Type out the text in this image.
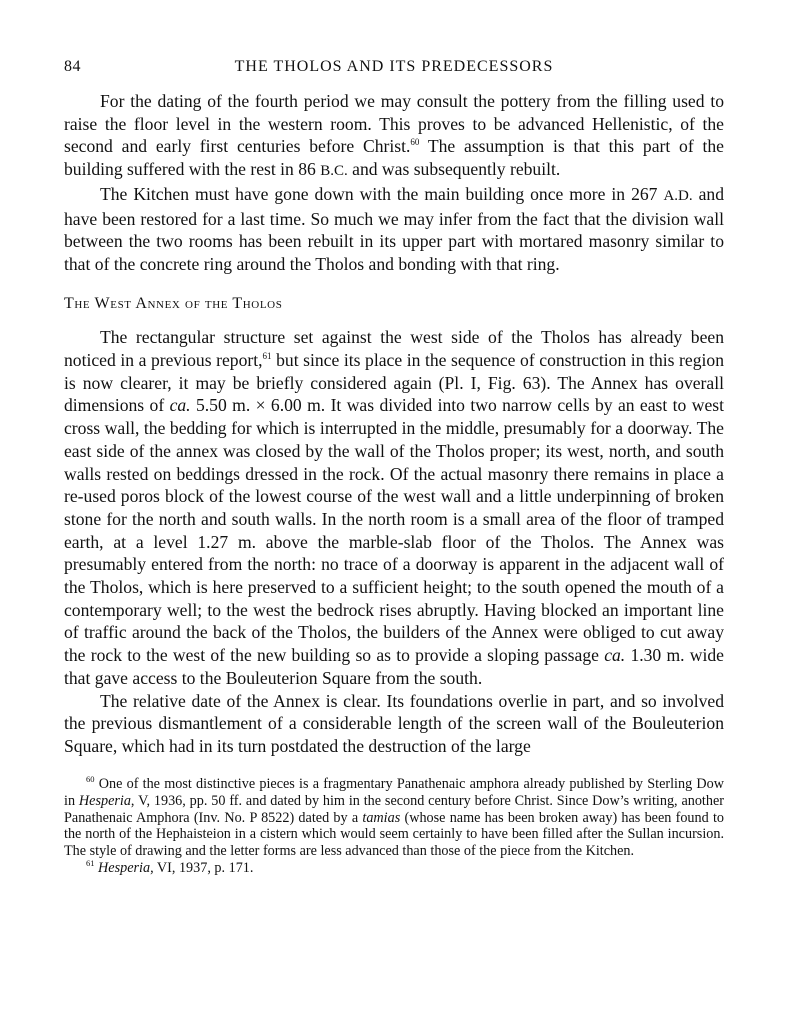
84	THE THOLOS AND ITS PREDECESSORS

For the dating of the fourth period we may consult the pottery from the filling used to raise the floor level in the western room. This proves to be advanced Hellenistic, of the second and early first centuries before Christ.$^{60}$ The assumption is that this part of the building suffered with the rest in 86 B.C. and was subsequently rebuilt.

The Kitchen must have gone down with the main building once more in 267 A.D. and have been restored for a last time. So much we may infer from the fact that the division wall between the two rooms has been rebuilt in its upper part with mortared masonry similar to that of the concrete ring around the Tholos and bonding with that ring.

The West Annex of the Tholos

The rectangular structure set against the west side of the Tholos has already been noticed in a previous report,$^{61}$ but since its place in the sequence of construction in this region is now clearer, it may be briefly considered again (Pl. I, Fig. 63). The Annex has overall dimensions of ca. 5.50 m. × 6.00 m. It was divided into two narrow cells by an east to west cross wall, the bedding for which is interrupted in the middle, presumably for a doorway. The east side of the annex was closed by the wall of the Tholos proper; its west, north, and south walls rested on beddings dressed in the rock. Of the actual masonry there remains in place a re-used poros block of the lowest course of the west wall and a little underpinning of broken stone for the north and south walls. In the north room is a small area of the floor of tramped earth, at a level 1.27 m. above the marble-slab floor of the Tholos. The Annex was presumably entered from the north: no trace of a doorway is apparent in the adjacent wall of the Tholos, which is here preserved to a sufficient height; to the south opened the mouth of a contemporary well; to the west the bedrock rises abruptly. Having blocked an important line of traffic around the back of the Tholos, the builders of the Annex were obliged to cut away the rock to the west of the new building so as to provide a sloping passage ca. 1.30 m. wide that gave access to the Bouleuterion Square from the south.

The relative date of the Annex is clear. Its foundations overlie in part, and so involved the previous dismantlement of a considerable length of the screen wall of the Bouleuterion Square, which had in its turn postdated the destruction of the large

$^{60}$ One of the most distinctive pieces is a fragmentary Panathenaic amphora already published by Sterling Dow in Hesperia, V, 1936, pp. 50 ff. and dated by him in the second century before Christ. Since Dow’s writing, another Panathenaic Amphora (Inv. No. P 8522) dated by a tamias (whose name has been broken away) has been found to the north of the Hephaisteion in a cistern which would seem certainly to have been filled after the Sullan incursion. The style of drawing and the letter forms are less advanced than those of the piece from the Kitchen.

$^{61}$ Hesperia, VI, 1937, p. 171.
